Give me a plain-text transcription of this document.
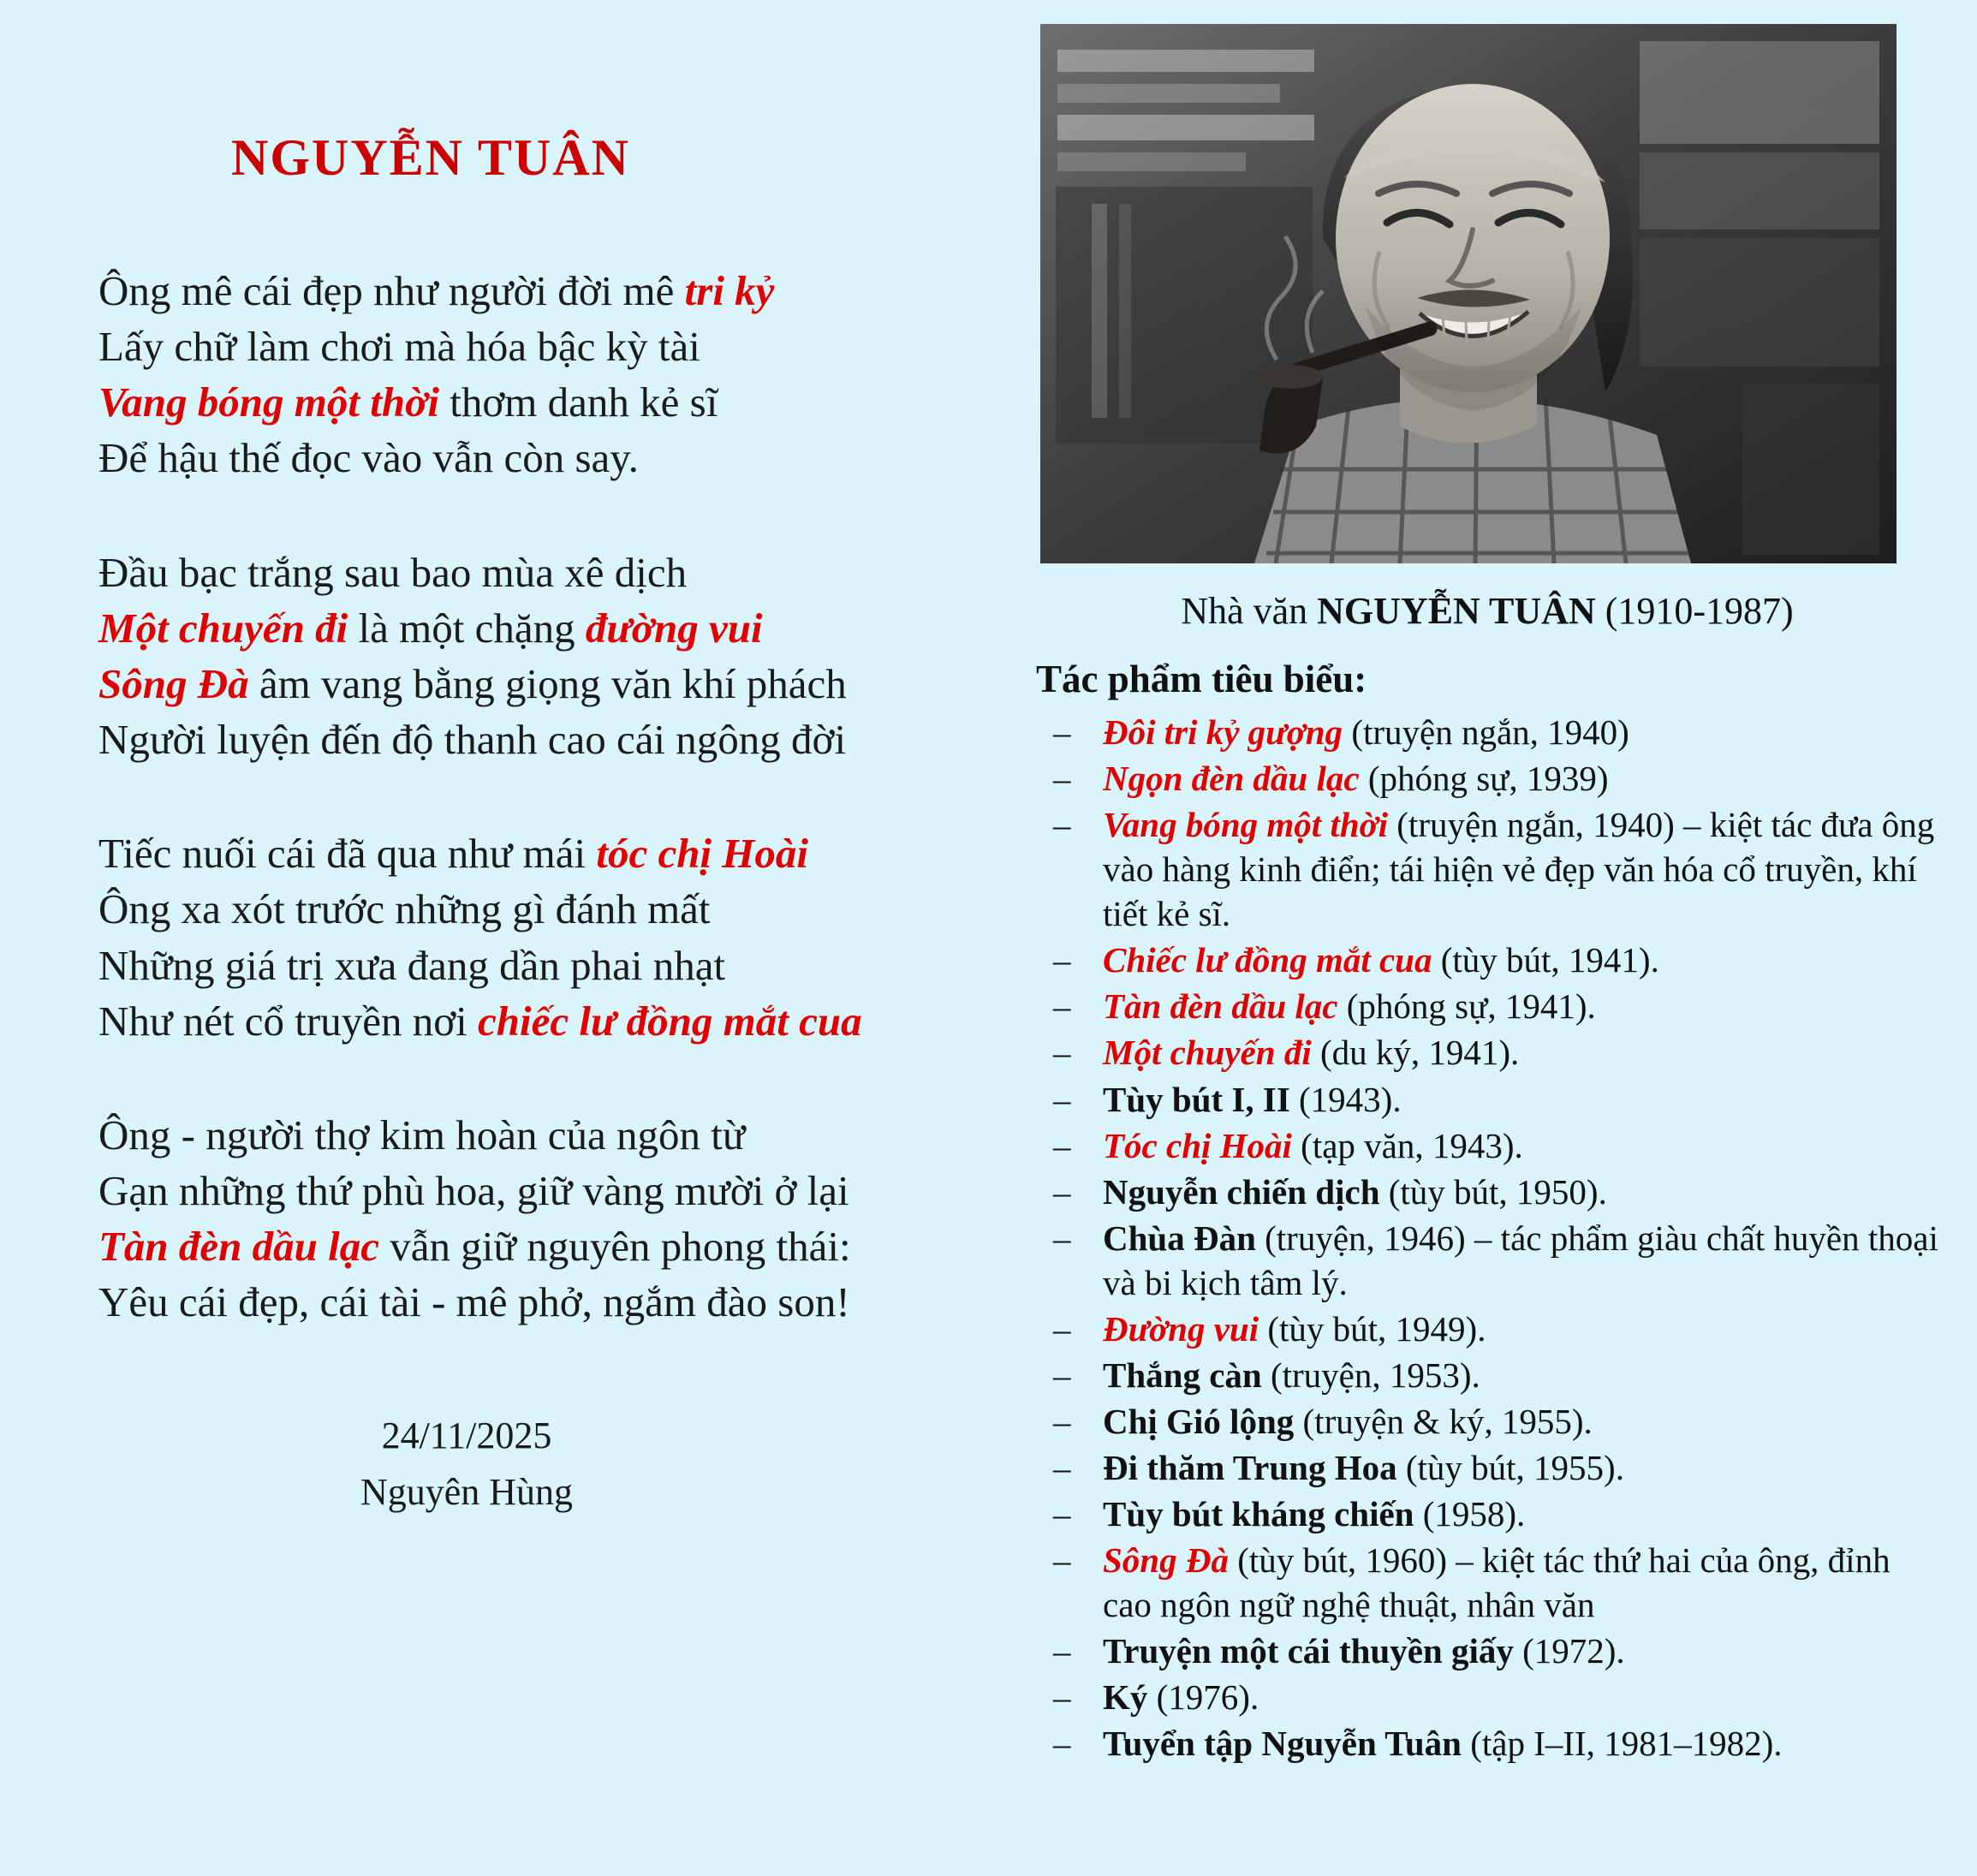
NGUYỄN TUÂN
Ông mê cái đẹp như người đời mê tri kỷ
Lấy chữ làm chơi mà hóa bậc kỳ tài
Vang bóng một thời thơm danh kẻ sĩ
Để hậu thế đọc vào vẫn còn say.
Đầu bạc trắng sau bao mùa xê dịch
Một chuyến đi là một chặng đường vui
Sông Đà âm vang bằng giọng văn khí phách
Người luyện đến độ thanh cao cái ngông đời
Tiếc nuối cái đã qua như mái tóc chị Hoài
Ông xa xót trước những gì đánh mất
Những giá trị xưa đang dần phai nhạt
Như nét cổ truyền nơi chiếc lư đồng mắt cua
Ông - người thợ kim hoàn của ngôn từ
Gạn những thứ phù hoa, giữ vàng mười ở lại
Tàn đèn dầu lạc vẫn giữ nguyên phong thái:
Yêu cái đẹp, cái tài - mê phở, ngắm đào son!
24/11/2025
Nguyên Hùng
Nhà văn NGUYỄN TUÂN (1910-1987)
Tác phẩm tiêu biểu:
– Đôi tri kỷ gượng (truyện ngắn, 1940)
– Ngọn đèn dầu lạc (phóng sự, 1939)
– Vang bóng một thời (truyện ngắn, 1940) – kiệt tác đưa ông vào hàng kinh điển; tái hiện vẻ đẹp văn hóa cổ truyền, khí tiết kẻ sĩ.
– Chiếc lư đồng mắt cua (tùy bút, 1941).
– Tàn đèn dầu lạc (phóng sự, 1941).
– Một chuyến đi (du ký, 1941).
– Tùy bút I, II (1943).
– Tóc chị Hoài (tạp văn, 1943).
– Nguyễn chiến dịch (tùy bút, 1950).
– Chùa Đàn (truyện, 1946) – tác phẩm giàu chất huyền thoại và bi kịch tâm lý.
– Đường vui (tùy bút, 1949).
– Thắng càn (truyện, 1953).
– Chị Gió lộng (truyện & ký, 1955).
– Đi thăm Trung Hoa (tùy bút, 1955).
– Tùy bút kháng chiến (1958).
– Sông Đà (tùy bút, 1960) – kiệt tác thứ hai của ông, đỉnh cao ngôn ngữ nghệ thuật, nhân văn
– Truyện một cái thuyền giấy (1972).
– Ký (1976).
– Tuyển tập Nguyễn Tuân (tập I–II, 1981–1982).
